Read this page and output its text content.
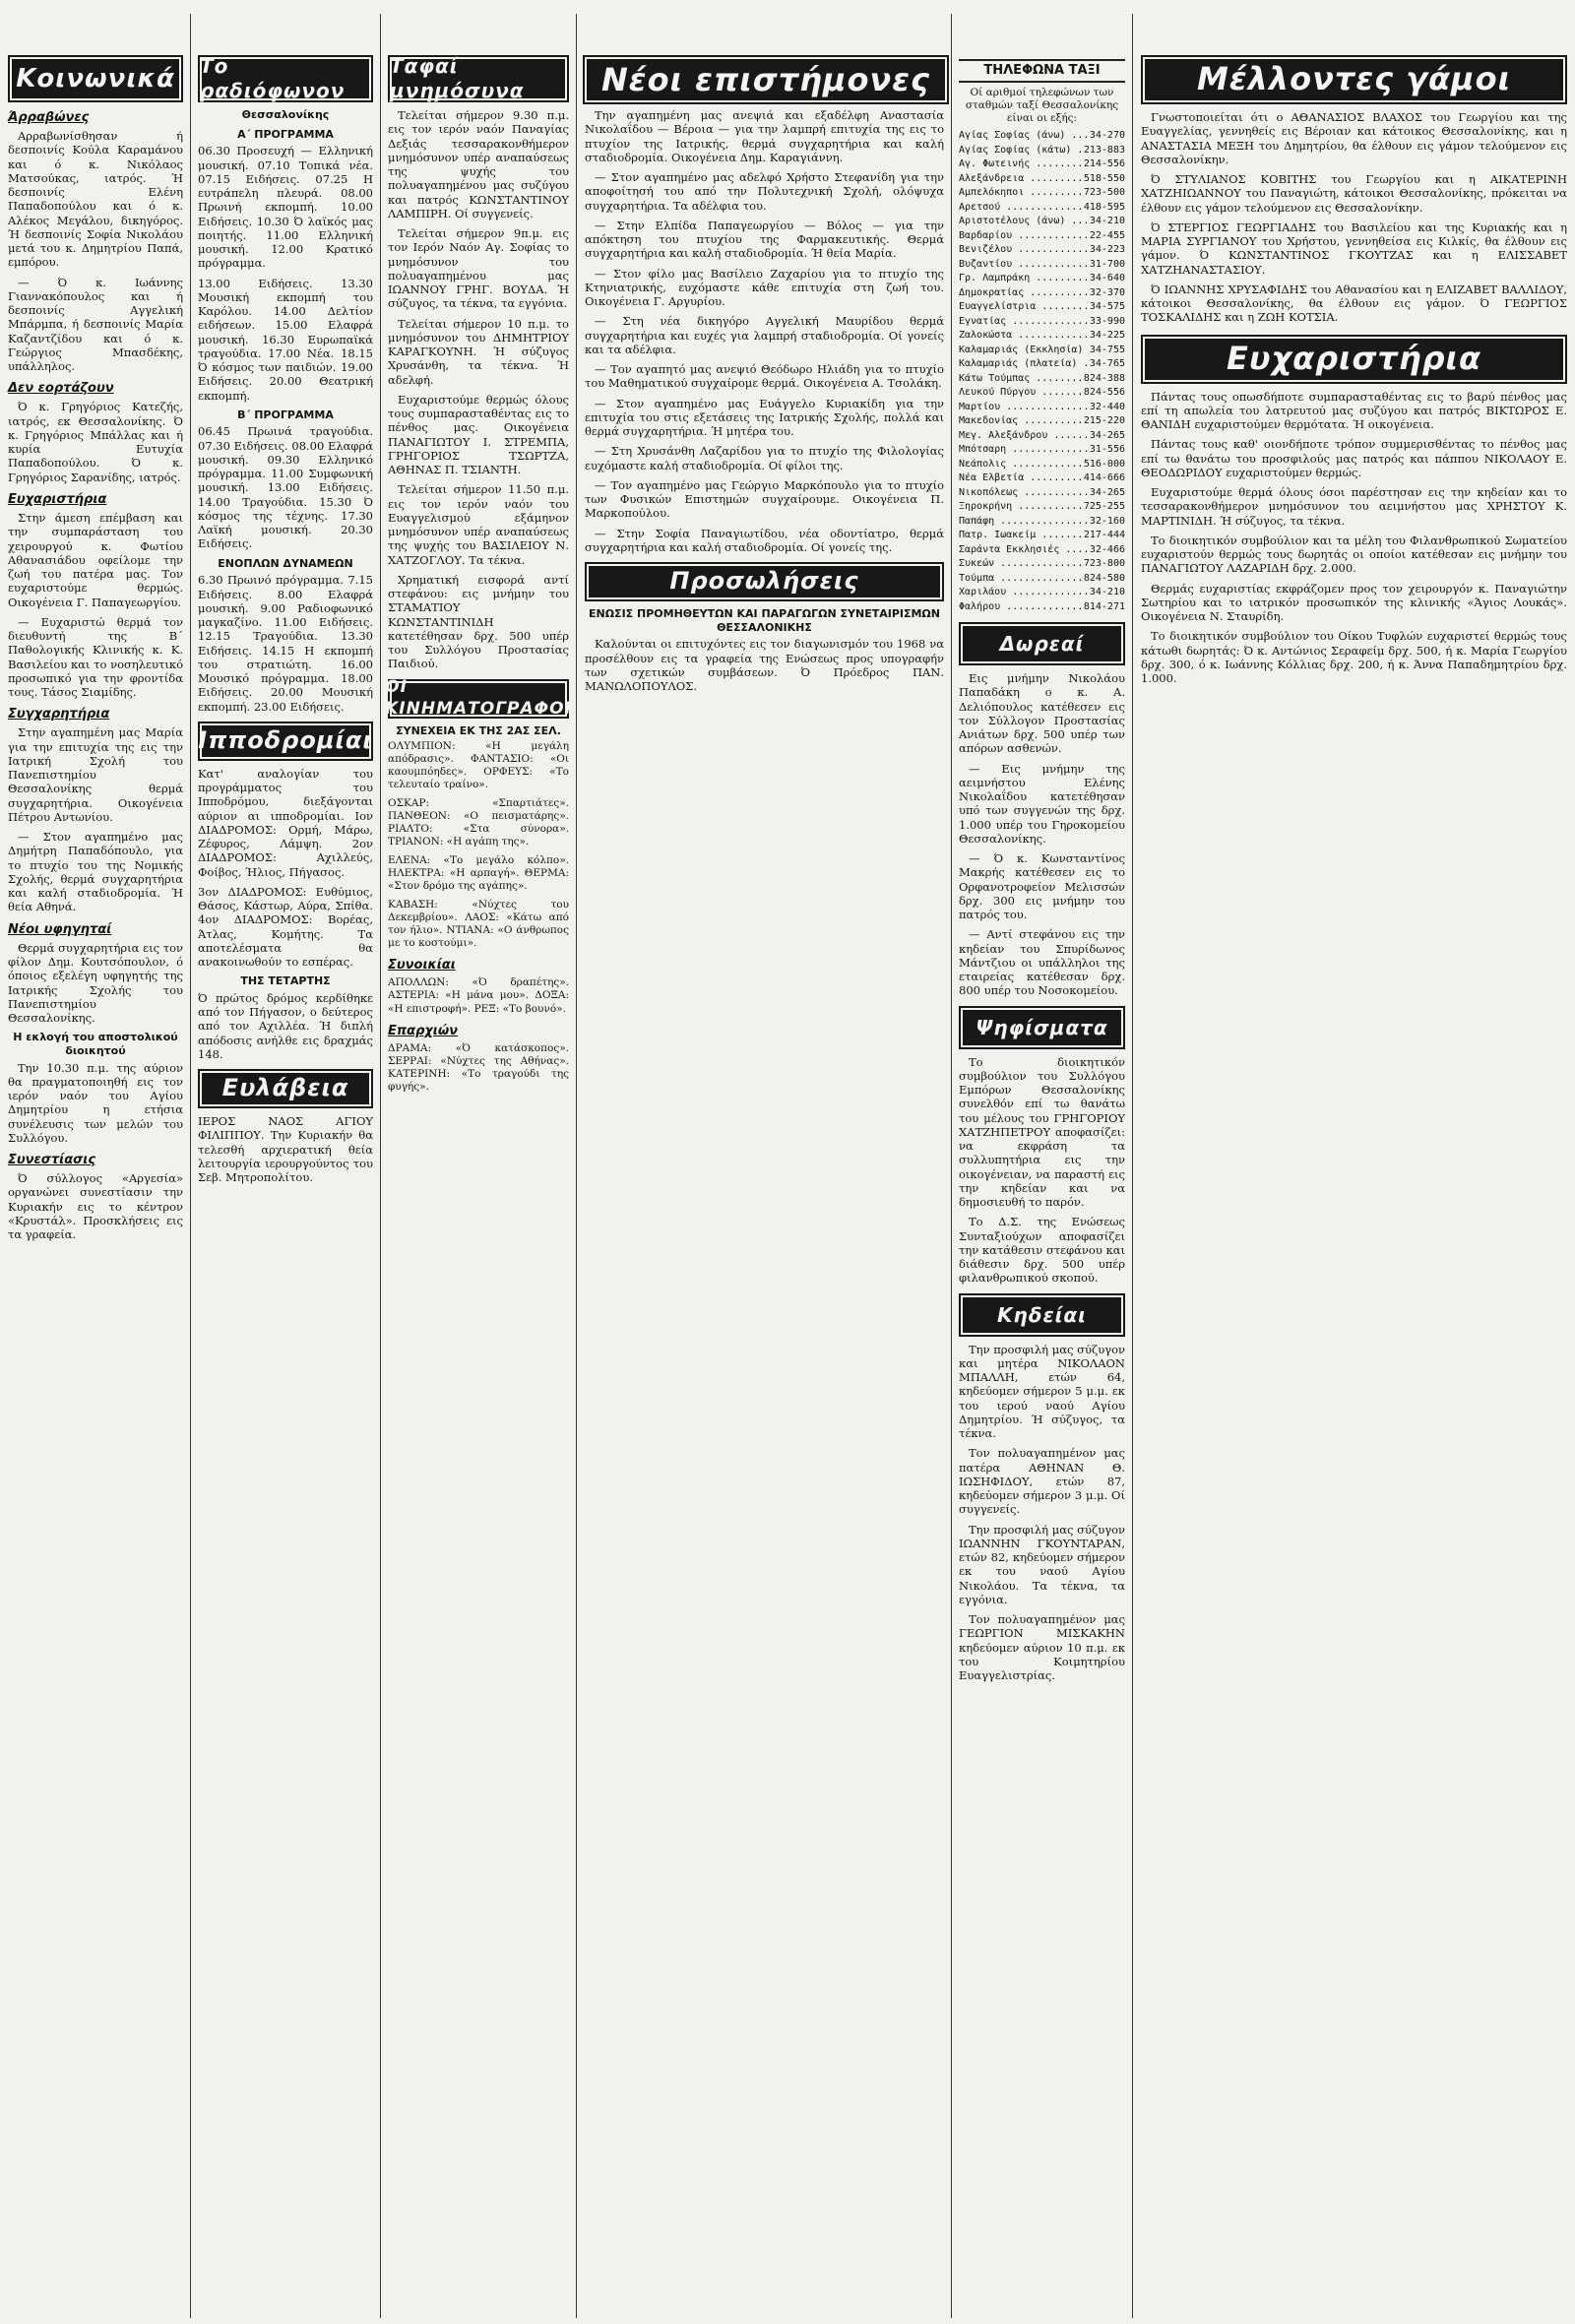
Κοινωνικά
Άρραβώνες

Αρραβωνίσθησαν ή δεσποινίς Κούλα Καραμάνου και ό κ. Νικόλαος Ματσούκας, ιατρός. Ή δεσποινίς Ελένη Παπαδοπούλου και ό κ. Αλέκος Μεγάλου, δικηγόρος. Ή δεσποινίς Σοφία Νικολάου μετά του κ. Δημητρίου Παπά, εμπόρου.

— Ό κ. Ιωάννης Γιαννακόπουλος και ή δεσποινίς Αγγελική Μπάρμπα, ή δεσποινίς Μαρία Καζαντζίδου και ό κ. Γεώργιος Μπασδέκης, υπάλληλος.

Δεν εορτάζουν

Ό κ. Γρηγόριος Κατεζής, ιατρός, εκ Θεσσαλονίκης. Ό κ. Γρηγόριος Μπάλλας και ή κυρία Ευτυχία Παπαδοπούλου. Ό κ. Γρηγόριος Σαρανίδης, ιατρός.

Ευχαριστήρια

Στην άμεση επέμβαση και την συμπαράσταση του χειρουργού κ. Φωτίου Αθανασιάδου οφείλομε την ζωή του πατέρα μας. Τον ευχαριστούμε θερμώς. Οικογένεια Γ. Παπαγεωργίου.

— Ευχαριστώ θερμά τον διευθυντή της Β΄ Παθολογικής Κλινικής κ. Κ. Βασιλείου και το νοσηλευτικό προσωπικό για την φροντίδα τους. Τάσος Σιαμίδης.

Συγχαρητήρια

Στην αγαπημένη μας Μαρία για την επιτυχία της εις την Ιατρική Σχολή του Πανεπιστημίου Θεσσαλονίκης θερμά συγχαρητήρια. Οικογένεια Πέτρου Αντωνίου.

— Στον αγαπημένο μας Δημήτρη Παπαδόπουλο, για το πτυχίο του της Νομικής Σχολής, θερμά συγχαρητήρια και καλή σταδιοδρομία. Ή θεία Αθηνά.

Νέοι υφηγηταί

Θερμά συγχαρητήρια εις τον φίλον Δημ. Κουτσόπουλον, ό όποιος εξελέγη υφηγητής της Ιατρικής Σχολής του Πανεπιστημίου Θεσσαλονίκης.

Η εκλογή του αποστολικού διοικητού

Την 10.30 π.μ. της αύριον θα πραγματοποιηθή εις τον ιερόν ναόν του Αγίου Δημητρίου η ετήσια συνέλευσις των μελών του Συλλόγου.

Συνεστίασις

Ό σύλλογος «Αργεσία» οργανώνει συνεστίασιν την Κυριακήν εις το κέντρον «Κρυστάλ». Προσκλήσεις εις τα γραφεία.

Το ραδιόφωνον
Θεσσαλονίκης
Α΄ ΠΡΟΓΡΑΜΜΑ

06.30 Προσευχή — Ελληνική μουσική. 07.10 Τοπικά νέα. 07.15 Ειδήσεις. 07.25 Η ευτράπελη πλευρά. 08.00 Πρωινή εκπομπή. 10.00 Ειδήσεις. 10.30 Ό λαϊκός μας ποιητής. 11.00 Ελληνική μουσική. 12.00 Κρατικό πρόγραμμα.

13.00 Ειδήσεις. 13.30 Μουσική εκπομπή του Καρόλου. 14.00 Δελτίον ειδήσεων. 15.00 Ελαφρά μουσική. 16.30 Ευρωπαϊκά τραγούδια. 17.00 Νέα. 18.15 Ό κόσμος των παιδιών. 19.00 Ειδήσεις. 20.00 Θεατρική εκπομπή.

Β΄ ΠΡΟΓΡΑΜΜΑ

06.45 Πρωινά τραγούδια. 07.30 Ειδήσεις. 08.00 Ελαφρά μουσική. 09.30 Ελληνικό πρόγραμμα. 11.00 Συμφωνική μουσική. 13.00 Ειδήσεις. 14.00 Τραγούδια. 15.30 Ό κόσμος της τέχνης. 17.30 Λαϊκή μουσική. 20.30 Ειδήσεις.

ΕΝΟΠΛΩΝ ΔΥΝΑΜΕΩΝ

6.30 Πρωινό πρόγραμμα. 7.15 Ειδήσεις. 8.00 Ελαφρά μουσική. 9.00 Ραδιοφωνικό μαγκαζίνο. 11.00 Ειδήσεις. 12.15 Τραγούδια. 13.30 Ειδήσεις. 14.15 Η εκπομπή του στρατιώτη. 16.00 Μουσικό πρόγραμμα. 18.00 Ειδήσεις. 20.00 Μουσική εκπομπή. 23.00 Ειδήσεις.

Ιπποδρομίαι

Κατ' αναλογίαν του προγράμματος του Ιπποδρόμου, διεξάγονται αύριον αι ιπποδρομίαι. Ιον ΔΙΑΔΡΟΜΟΣ: Ορμή, Μάρω, Ζέφυρος, Λάμψη. 2ον ΔΙΑΔΡΟΜΟΣ: Αχιλλεύς, Φοίβος, Ήλιος, Πήγασος.

3ον ΔΙΑΔΡΟΜΟΣ: Ευθύμιος, Θάσος, Κάστωρ, Αύρα, Σπίθα. 4ον ΔΙΑΔΡΟΜΟΣ: Βορέας, Άτλας, Κομήτης. Τα αποτελέσματα θα ανακοινωθούν το εσπέρας.

ΤΗΣ ΤΕΤΑΡΤΗΣ

Ό πρώτος δρόμος κερδίθηκε από τον Πήγασον, ο δεύτερος από τον Αχιλλέα. Ή διπλή απόδοσις ανήλθε εις δραχμάς 148.

Ευλάβεια

ΙΕΡΟΣ ΝΑΟΣ ΑΓΙΟΥ ΦΙΛΙΠΠΟΥ. Την Κυριακήν θα τελεσθή αρχιερατική θεία λειτουργία ιερουργούντος του Σεβ. Μητροπολίτου.

Ταφαί μνημόσυνα

Τελείται σήμερον 9.30 π.μ. εις τον ιερόν ναόν Παναγίας Δεξιάς τεσσαρακονθήμερον μνημόσυνον υπέρ αναπαύσεως της ψυχής του πολυαγαπημένου μας συζύγου και πατρός ΚΩΝΣΤΑΝΤΙΝΟΥ ΛΑΜΠΙΡΗ. Οί συγγενείς.

Τελείται σήμερον 9π.μ. εις τον Ιερόν Ναόν Αγ. Σοφίας το μνημόσυνον του πολυαγαπημένου μας ΙΩΑΝΝΟΥ ΓΡΗΓ. ΒΟΥΔΑ. Ή σύζυγος, τα τέκνα, τα εγγόνια.

Τελείται σήμερον 10 π.μ. το μνημόσυνον του ΔΗΜΗΤΡΙΟΥ ΚΑΡΑΓΚΟΥΝΗ. Ή σύζυγος Χρυσάνθη, τα τέκνα. Ή αδελφή.

Ευχαριστούμε θερμώς όλους τους συμπαρασταθέντας εις το πένθος μας. Οικογένεια ΠΑΝΑΓΙΩΤΟΥ Ι. ΣΤΡΕΜΠΑ, ΓΡΗΓΟΡΙΟΣ ΤΣΩΡΤΖΑ, ΑΘΗΝΑΣ Π. ΤΣΙΑΝΤΗ.

Τελείται σήμερον 11.50 π.μ. εις τον ιερόν ναόν του Ευαγγελισμού εξάμηνον μνημόσυνον υπέρ αναπαύσεως της ψυχής του ΒΑΣΙΛΕΙΟΥ Ν. ΧΑΤΖΟΓΛΟΥ. Τα τέκνα.

Χρηματική εισφορά αντί στεφάνου: εις μνήμην του ΣΤΑΜΑΤΙΟΥ ΚΩΝΣΤΑΝΤΙΝΙΔΗ κατετέθησαν δρχ. 500 υπέρ του Συλλόγου Προστασίας Παιδιού.

ΟΙ ΚΙΝΗΜΑΤΟΓΡΑΦΟΙ
ΣΥΝΕΧΕΙΑ ΕΚ ΤΗΣ 2ΑΣ ΣΕΛ.

ΟΛΥΜΠΙΟΝ: «Η μεγάλη απόδρασις». ΦΑΝΤΑΣΙΟ: «Οι καουμπόηδες». ΟΡΦΕΥΣ: «Το τελευταίο τραίνο».

ΟΣΚΑΡ: «Σπαρτιάτες». ΠΑΝΘΕΟΝ: «Ο πεισματάρης». ΡΙΑΛΤΟ: «Στα σύνορα». ΤΡΙΑΝΟΝ: «Η αγάπη της».

ΕΛΕΝΑ: «Το μεγάλο κόλπο». ΗΛΕΚΤΡΑ: «Η αρπαγή». ΘΕΡΜΑ: «Στον δρόμο της αγάπης».

ΚΑΒΑΣΗ: «Νύχτες του Δεκεμβρίου». ΛΑΟΣ: «Κάτω από τον ήλιο». ΝΤΙΑΝΑ: «Ο άνθρωπος με το κοστούμι».

Συνοικίαι

ΑΠΟΛΛΩΝ: «Ό δραπέτης». ΑΣΤΕΡΙΑ: «Η μάνα μου». ΔΟΞΑ: «Η επιστροφή». ΡΕΞ: «Το βουνό».

Επαρχιών

ΔΡΑΜΑ: «Ό κατάσκοπος». ΣΕΡΡΑΙ: «Νύχτες της Αθήνας». ΚΑΤΕΡΙΝΗ: «Το τραγούδι της φυγής».

Την αγαπημένη μας ανεψιά και εξαδέλφη Αναστασία Νικολαΐδου — Βέροια — για την λαμπρή επιτυχία της εις το πτυχίον της Ιατρικής, θερμά συγχαρητήρια και καλή σταδιοδρομία. Οικογένεια Δημ. Καραγιάννη.

— Στον αγαπημένο μας αδελφό Χρήστο Στεφανίδη για την αποφοίτησή του από την Πολυτεχνική Σχολή, ολόψυχα συγχαρητήρια. Τα αδέλφια του.

— Στην Ελπίδα Παπαγεωργίου — Βόλος — για την απόκτηση του πτυχίου της Φαρμακευτικής. Θερμά συγχαρητήρια και καλή σταδιοδρομία. Ή θεία Μαρία.

— Στον φίλο μας Βασίλειο Ζαχαρίου για το πτυχίο της Κτηνιατρικής, ευχόμαστε κάθε επιτυχία στη ζωή του. Οικογένεια Γ. Αργυρίου.

— Στη νέα δικηγόρο Αγγελική Μαυρίδου θερμά συγχαρητήρια και ευχές για λαμπρή σταδιοδρομία. Οί γονείς και τα αδέλφια.

— Τον αγαπητό μας ανεψιό Θεόδωρο Ηλιάδη για το πτυχίο του Μαθηματικού συγχαίρομε θερμά. Οικογένεια Α. Τσολάκη.

— Στον αγαπημένο μας Ευάγγελο Κυριακίδη για την επιτυχία του στις εξετάσεις της Ιατρικής Σχολής, πολλά και θερμά συγχαρητήρια. Ή μητέρα του.

— Στη Χρυσάνθη Λαζαρίδου για το πτυχίο της Φιλολογίας ευχόμαστε καλή σταδιοδρομία. Οί φίλοι της.

— Τον αγαπημένο μας Γεώργιο Μαρκόπουλο για το πτυχίο των Φυσικών Επιστημών συγχαίρουμε. Οικογένεια Π. Μαρκοπούλου.

— Στην Σοφία Παναγιωτίδου, νέα οδοντίατρο, θερμά συγχαρητήρια και καλή σταδιοδρομία. Οί γονείς της.

Προσωλήσεις
ΕΝΩΣΙΣ ΠΡΟΜΗΘΕΥΤΩΝ ΚΑΙ ΠΑΡΑΓΩΓΩΝ ΣΥΝΕΤΑΙΡΙΣΜΩΝ ΘΕΣΣΑΛΟΝΙΚΗΣ

Καλούνται οι επιτυχόντες εις τον διαγωνισμόν του 1968 να προσέλθουν εις τα γραφεία της Ενώσεως προς υπογραφήν των σχετικών συμβάσεων. Ό Πρόεδρος ΠΑΝ. ΜΑΝΩΛΟΠΟΥΛΟΣ.

Νέοι επιστήμονες	ΤΗΛΕΦΩΝΑ ΤΑΞΙ
Οί αριθμοί τηλεφώνων των σταθμών ταξί Θεσσαλονίκης είναι οι εξής:
Αγίας Σοφίας (άνω) .....	34-270
Αγίας Σοφίας (κάτω) .....	213-883
Αγ. Φωτεινής .....	214-556
Αλεξάνδρεια .....	518-550
Αμπελόκηποι .....	723-500
Αρετσού .....	418-595
Αριστοτέλους (άνω) .....	34-210
Βαρδαρίου .....	22-455
Βενιζέλου .....	34-223
Βυζαντίου .....	31-700
Γρ. Λαμπράκη .....	34-640
Δημοκρατίας .....	32-370
Ευαγγελίστρια .....	34-575
Εγνατίας .....	33-990
Ζαλοκώστα .....	34-225
Καλαμαριάς (Εκκλησία) ..... 34-755
Καλαμαριάς (πλατεία) .....	34-765
Κάτω Τούμπας .....	824-388
Λευκού Πύργου .....	824-556
Μαρτίου .....	32-440
Μακεδονίας .....	215-220
Μεγ. Αλεξάνδρου .....	34-265
Μπότσαρη .....	31-556
Νεάπολις .....	516-000
Νέα Ελβετία .....	414-666
Νικοπόλεως .....	34-265
Ξηροκρήνη .....	725-255
Παπάφη .....	32-160
Πατρ. Ιωακείμ .....	217-444
Σαράντα Εκκλησιές .....	32-466
Συκεών .....	723-800
Τούμπα .....	824-580
Χαριλάου .....	34-210
Φαλήρου .....	814-271
Δωρεαί

Εις μνήμην Νικολάου Παπαδάκη ο κ. Α. Δελιόπουλος κατέθεσεν εις τον Σύλλογον Προστασίας Ανιάτων δρχ. 500 υπέρ των απόρων ασθενών.

— Εις μνήμην της αειμνήστου Ελένης Νικολαΐδου κατετέθησαν υπό των συγγενών της δρχ. 1.000 υπέρ του Γηροκομείου Θεσσαλονίκης.

— Ό κ. Κωνσταντίνος Μακρής κατέθεσεν εις το Ορφανοτροφείον Μελισσών δρχ. 300 εις μνήμην του πατρός του.

— Αντί στεφάνου εις την κηδείαν του Σπυρίδωνος Μάντζιου οι υπάλληλοι της εταιρείας κατέθεσαν δρχ. 800 υπέρ του Νοσοκομείου.

Ψηφίσματα

Το διοικητικόν συμβούλιον του Συλλόγου Εμπόρων Θεσσαλονίκης συνελθόν επί τω θανάτω του μέλους του ΓΡΗΓΟΡΙΟΥ ΧΑΤΖΗΠΕΤΡΟΥ αποφασίζει: να εκφράση τα συλλυπητήρια εις την οικογένειαν, να παραστή εις την κηδείαν και να δημοσιευθή το παρόν.

Το Δ.Σ. της Ενώσεως Συνταξιούχων αποφασίζει την κατάθεσιν στεφάνου και διάθεσιν δρχ. 500 υπέρ φιλανθρωπικού σκοπού.

Κηδείαι

Την προσφιλή μας σύζυγον και μητέρα ΝΙΚΟΛΑΟΝ ΜΠΑΛΛΗ, ετών 64, κηδεύομεν σήμερον 5 μ.μ. εκ του ιερού ναού Αγίου Δημητρίου. Ή σύζυγος, τα τέκνα.

Τον πολυαγαπημένον μας πατέρα ΑΘΗΝΑΝ Θ. ΙΩΣΗΦΙΔΟΥ, ετών 87, κηδεύομεν σήμερον 3 μ.μ. Οί συγγενείς.

Την προσφιλή μας σύζυγον ΙΩΑΝΝΗΝ ΓΚΟΥΝΤΑΡΑΝ, ετών 82, κηδεύομεν σήμερον εκ του ναού Αγίου Νικολάου. Τα τέκνα, τα εγγόνια.

Τον πολυαγαπημένον μας ΓΕΩΡΓΙΟΝ ΜΙΣΚΑΚΗΝ κηδεύομεν αύριον 10 π.μ. εκ του Κοιμητηρίου Ευαγγελιστρίας.

Μέλλοντες γάμοι

Γνωστοποιείται ότι ο ΑΘΑΝΑΣΙΟΣ ΒΛΑΧΟΣ του Γεωργίου και της Ευαγγελίας, γεννηθείς εις Βέροιαν και κάτοικος Θεσσαλονίκης, και η ΑΝΑΣΤΑΣΙΑ ΜΕΞΗ του Δημητρίου, θα έλθουν εις γάμον τελούμενον εις Θεσσαλονίκην.

Ό ΣΤΥΛΙΑΝΟΣ ΚΟΒΙΤΗΣ του Γεωργίου και η ΑΙΚΑΤΕΡΙΝΗ ΧΑΤΖΗΙΩΑΝΝΟΥ του Παναγιώτη, κάτοικοι Θεσσαλονίκης, πρόκειται να έλθουν εις γάμον τελούμενον εις Θεσσαλονίκην.

Ό ΣΤΕΡΓΙΟΣ ΓΕΩΡΓΙΑΔΗΣ του Βασιλείου και της Κυριακής και η ΜΑΡΙΑ ΣΥΡΓΙΑΝΟΥ του Χρήστου, γεννηθείσα εις Κιλκίς, θα έλθουν εις γάμον. Ό ΚΩΝΣΤΑΝΤΙΝΟΣ ΓΚΟΥΤΖΑΣ και η ΕΛΙΣΣΑΒΕΤ ΧΑΤΖΗΑΝΑΣΤΑΣΙΟΥ.

Ό ΙΩΑΝΝΗΣ ΧΡΥΣΑΦΙΔΗΣ του Αθανασίου και η ΕΛΙΖΑΒΕΤ ΒΑΛΛΙΔΟΥ, κάτοικοι Θεσσαλονίκης, θα έλθουν εις γάμον. Ό ΓΕΩΡΓΙΟΣ ΤΟΣΚΑΛΙΔΗΣ και η ΖΩΗ ΚΟΤΣΙΑ.

Ευχαριστήρια

Πάντας τους οπωσδήποτε συμπαρασταθέντας εις το βαρύ πένθος μας επί τη απωλεία του λατρευτού μας συζύγου και πατρός ΒΙΚΤΩΡΟΣ Ε. ΘΑΝΙΔΗ ευχαριστούμεν θερμότατα. Ή οικογένεια.

Πάντας τους καθ' οιονδήποτε τρόπον συμμερισθέντας το πένθος μας επί τω θανάτω του προσφιλούς μας πατρός και πάππου ΝΙΚΟΛΑΟΥ Ε. ΘΕΟΔΩΡΙΔΟΥ ευχαριστούμεν θερμώς.

Ευχαριστούμε θερμά όλους όσοι παρέστησαν εις την κηδείαν και το τεσσαρακονθήμερον μνημόσυνον του αειμνήστου μας ΧΡΗΣΤΟΥ Κ. ΜΑΡΤΙΝΙΔΗ. Ή σύζυγος, τα τέκνα.

Το διοικητικόν συμβούλιον και τα μέλη του Φιλανθρωπικού Σωματείου ευχαριστούν θερμώς τους δωρητάς οι οποίοι κατέθεσαν εις μνήμην του ΠΑΝΑΓΙΩΤΟΥ ΛΑΖΑΡΙΔΗ δρχ. 2.000.

Θερμάς ευχαριστίας εκφράζομεν προς τον χειρουργόν κ. Παναγιώτην Σωτηρίου και το ιατρικόν προσωπικόν της κλινικής «Άγιος Λουκάς». Οικογένεια Ν. Σταυρίδη.

Το διοικητικόν συμβούλιον του Οίκου Τυφλών ευχαριστεί θερμώς τους κάτωθι δωρητάς: Ό κ. Αντώνιος Σεραφείμ δρχ. 500, ή κ. Μαρία Γεωργίου δρχ. 300, ό κ. Ιωάννης Κόλλιας δρχ. 200, ή κ. Άννα Παπαδημητρίου δρχ. 1.000.
